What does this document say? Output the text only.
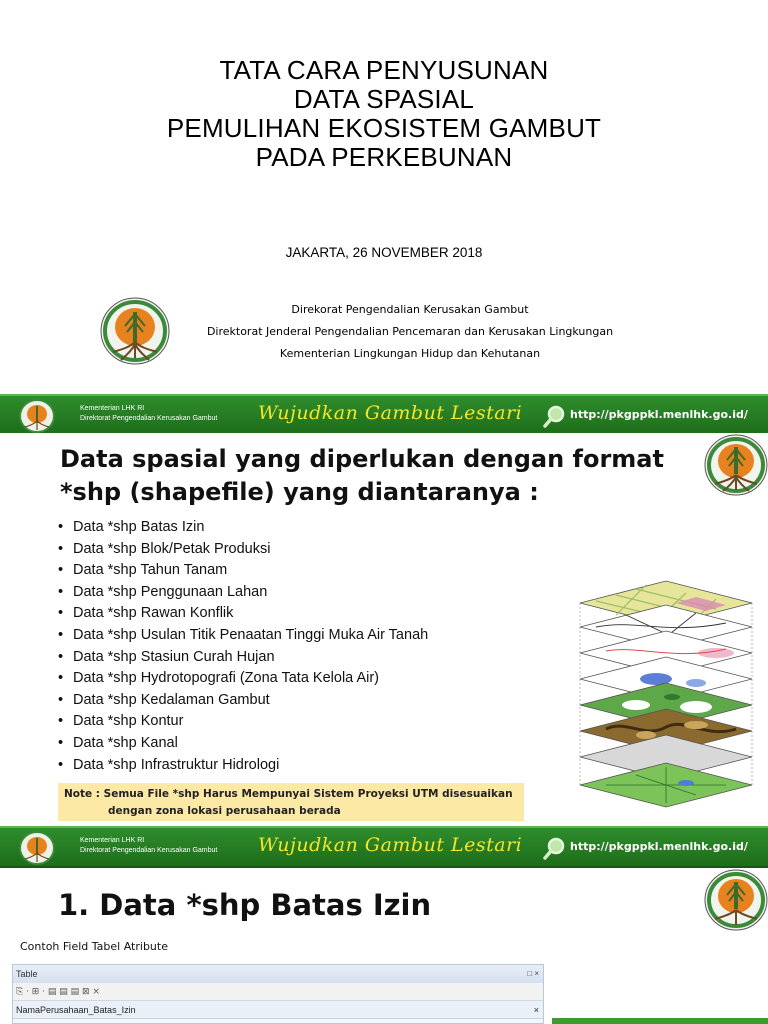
TATA CARA PENYUSUNAN
DATA SPASIAL
PEMULIHAN EKOSISTEM GAMBUT
PADA PERKEBUNAN
JAKARTA, 26 NOVEMBER 2018
Direkorat Pengendalian Kerusakan Gambut
Direktorat Jenderal Pengendalian Pencemaran dan Kerusakan Lingkungan
Kementerian Lingkungan Hidup dan Kehutanan
Kementerian LHK RI
Direktorat Pengendalian Kerusakan Gambut Wujudkan Gambut Lestari	http://pkgppkl.menlhk.go.id/
Data spasial yang diperlukan dengan format
*shp (shapefile) yang diantaranya :
• Data *shp Batas Izin
• Data *shp Blok/Petak Produksi
• Data *shp Tahun Tanam
• Data *shp Penggunaan Lahan
• Data *shp Rawan Konflik
• Data *shp Usulan Titik Penaatan Tinggi Muka Air Tanah
• Data *shp Stasiun Curah Hujan
• Data *shp Hydrotopografi (Zona Tata Kelola Air)
• Data *shp Kedalaman Gambut
• Data *shp Kontur
• Data *shp Kanal
• Data *shp Infrastruktur Hidrologi
Note : Semua File *shp Harus Mempunyai Sistem Proyeksi UTM disesuaikan
dengan zona lokasi perusahaan berada
Kementerian LHK RI
Direktorat Pengendalian Kerusakan Gambut Wujudkan Gambut Lestari	http://pkgppkl.menlhk.go.id/
1. Data *shp Batas Izin
Contoh Field Tabel Atribute
Table	□ ×
⎘ · ⊞ · ▤ ▤ ▤ ⊠ ×
NamaPerusahaan_Batas_Izin	×
